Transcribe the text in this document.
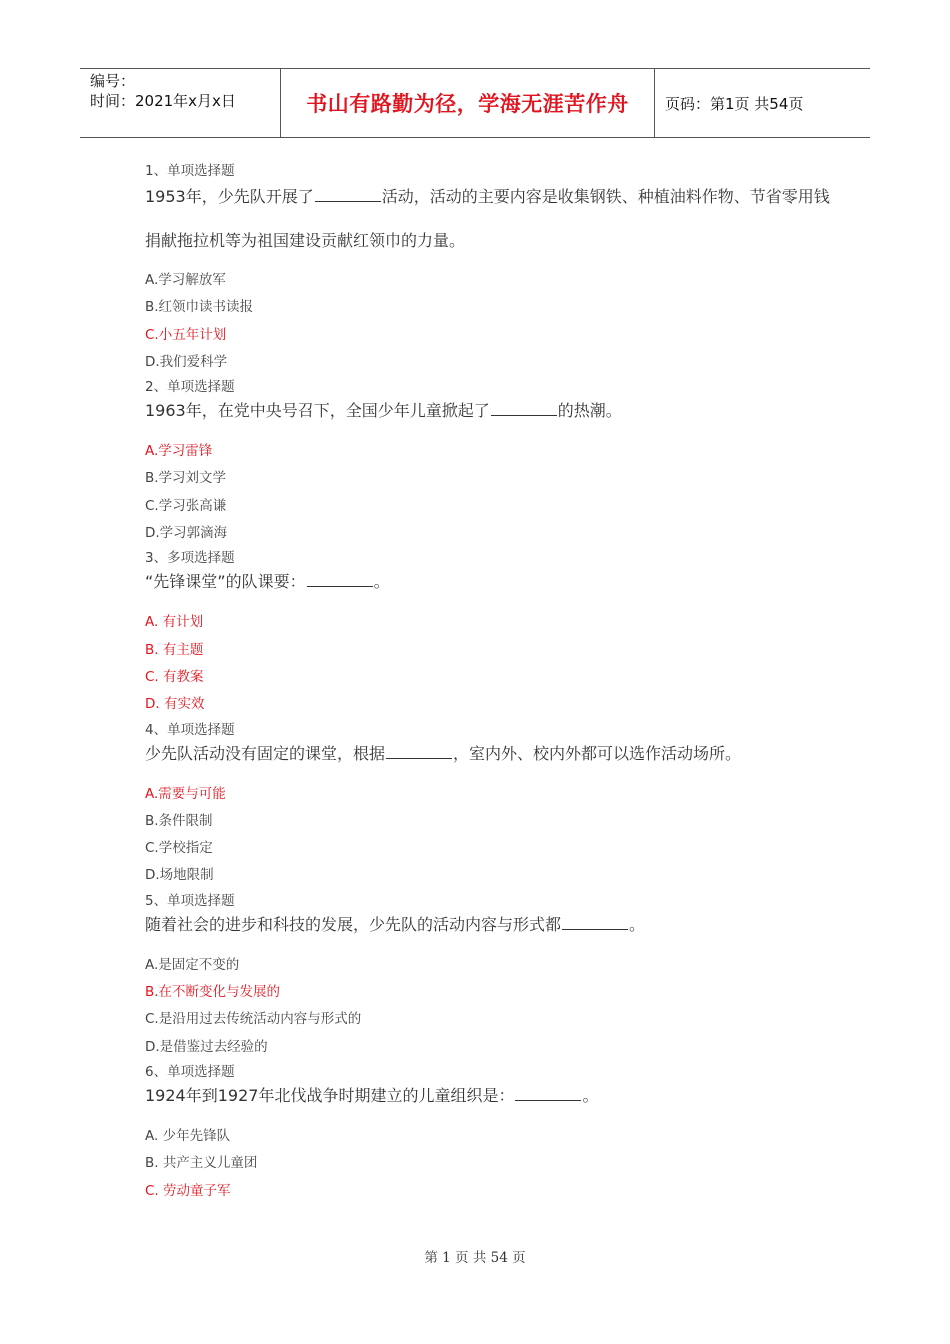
编号：
时间：2021年x月x日	书山有路勤为径，学海无涯苦作舟 页码：第1页 共54页
1、单项选择题
1953年，少先队开展了	活动，活动的主要内容是收集钢铁、种植油料作物、节省零用钱捐献拖拉机等为祖国建设贡献红领巾的力量。
A.学习解放军
B.红领巾读书读报
C.小五年计划
D.我们爱科学
2、单项选择题
1963年，在党中央号召下，全国少年儿童掀起了	的热潮。
A.学习雷锋
B.学习刘文学
C.学习张高谦
D.学习郭滴海
3、多项选择题
“先锋课堂”的队课要：	。
A. 有计划
B. 有主题
C. 有教案
D. 有实效
4、单项选择题
少先队活动没有固定的课堂，根据	，室内外、校内外都可以选作活动场所。
A.需要与可能
B.条件限制
C.学校指定
D.场地限制
5、单项选择题
随着社会的进步和科技的发展，少先队的活动内容与形式都	。
A.是固定不变的
B.在不断变化与发展的
C.是沿用过去传统活动内容与形式的
D.是借鉴过去经验的
6、单项选择题
1924年到1927年北伐战争时期建立的儿童组织是：	。
A. 少年先锋队
B. 共产主义儿童团
C. 劳动童子军
第 1 页 共 54 页
